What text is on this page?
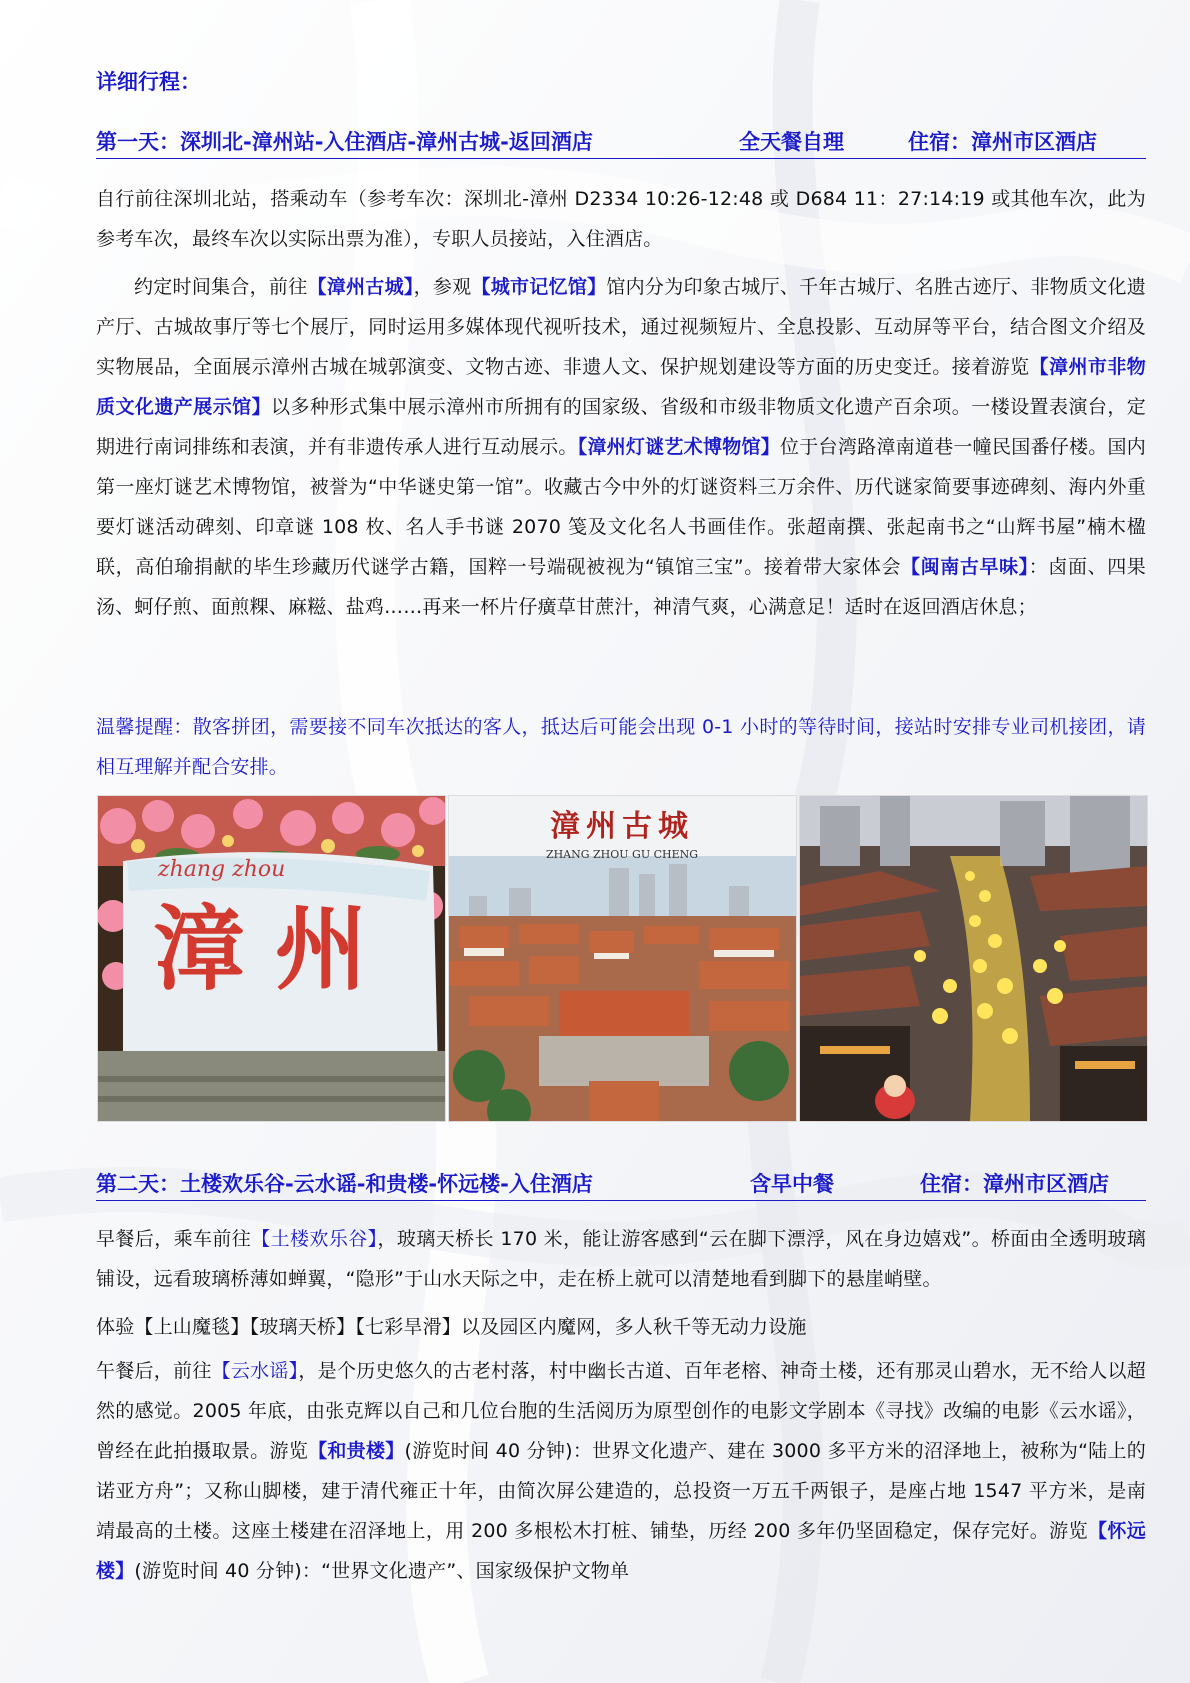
详细行程：
第一天：深圳北-漳州站-入住酒店-漳州古城-返回酒店	全天餐自理	住宿：漳州市区酒店
自行前往深圳北站，搭乘动车（参考车次：深圳北-漳州 D2334 10:26-12:48 或 D684 11：27:14:19 或其他车次，此为参考车次，最终车次以实际出票为准），专职人员接站，入住酒店。
约定时间集合，前往【漳州古城】，参观【城市记忆馆】馆内分为印象古城厅、千年古城厅、名胜古迹厅、非物质文化遗产厅、古城故事厅等七个展厅，同时运用多媒体现代视听技术，通过视频短片、全息投影、互动屏等平台，结合图文介绍及实物展品，全面展示漳州古城在城郭演变、文物古迹、非遗人文、保护规划建设等方面的历史变迁。接着游览【漳州市非物质文化遗产展示馆】以多种形式集中展示漳州市所拥有的国家级、省级和市级非物质文化遗产百余项。一楼设置表演台，定期进行南词排练和表演，并有非遗传承人进行互动展示。【漳州灯谜艺术博物馆】位于台湾路漳南道巷一幢民国番仔楼。国内第一座灯谜艺术博物馆，被誉为“中华谜史第一馆”。收藏古今中外的灯谜资料三万余件、历代谜家简要事迹碑刻、海内外重要灯谜活动碑刻、印章谜 108 枚、名人手书谜 2070 笺及文化名人书画佳作。张超南撰、张起南书之“山辉书屋”楠木楹联，高伯瑜捐献的毕生珍藏历代谜学古籍，国粹一号端砚被视为“镇馆三宝”。接着带大家体会【闽南古早味】：卤面、四果汤、蚵仔煎、面煎粿、麻糍、盐鸡……再来一杯片仔癀草甘蔗汁，神清气爽，心满意足！适时在返回酒店休息；
温馨提醒：散客拼团，需要接不同车次抵达的客人，抵达后可能会出现 0-1 小时的等待时间，接站时安排专业司机接团，请相互理解并配合安排。
zhang zhou
漳州
漳州古城
ZHANG ZHOU GU CHENG
第二天：土楼欢乐谷-云水谣-和贵楼-怀远楼-入住酒店	含早中餐	住宿：漳州市区酒店
早餐后，乘车前往【土楼欢乐谷】，玻璃天桥长 170 米，能让游客感到“云在脚下漂浮，风在身边嬉戏”。桥面由全透明玻璃铺设，远看玻璃桥薄如蝉翼，“隐形”于山水天际之中，走在桥上就可以清楚地看到脚下的悬崖峭壁。
体验【上山魔毯】【玻璃天桥】【七彩旱滑】以及园区内魔网，多人秋千等无动力设施
午餐后，前往【云水谣】，是个历史悠久的古老村落，村中幽长古道、百年老榕、神奇土楼，还有那灵山碧水，无不给人以超然的感觉。2005 年底，由张克辉以自己和几位台胞的生活阅历为原型创作的电影文学剧本《寻找》改编的电影《云水谣》，曾经在此拍摄取景。游览【和贵楼】(游览时间 40 分钟)：世界文化遗产、建在 3000 多平方米的沼泽地上，被称为“陆上的诺亚方舟”；又称山脚楼，建于清代雍正十年，由简次屏公建造的，总投资一万五千两银子，是座占地 1547 平方米，是南靖最高的土楼。这座土楼建在沼泽地上，用 200 多根松木打桩、铺垫，历经 200 多年仍坚固稳定，保存完好。游览【怀远楼】(游览时间 40 分钟)：“世界文化遗产”、国家级保护文物单
